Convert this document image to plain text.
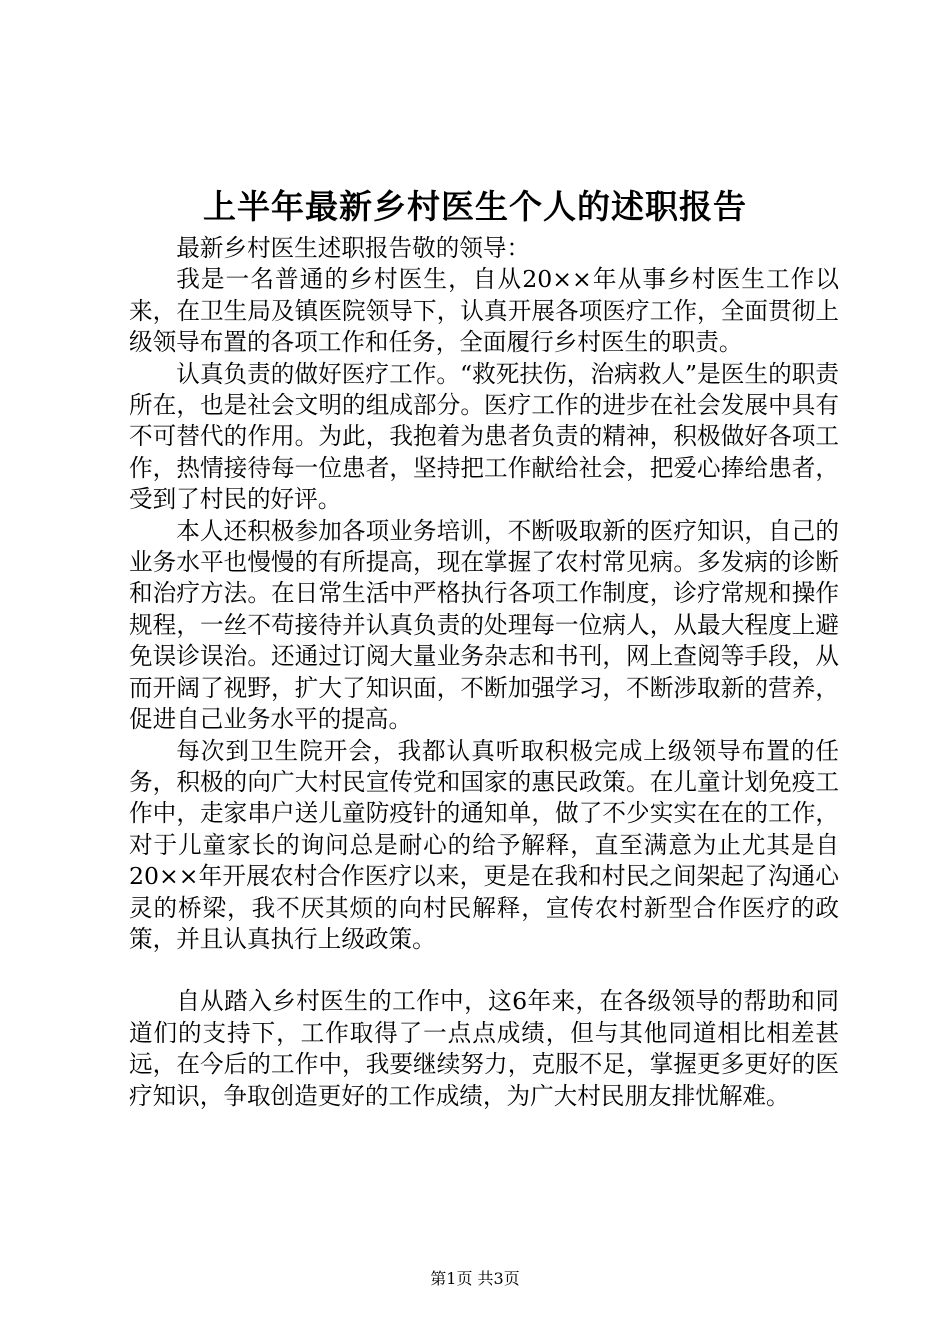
上半年最新乡村医生个人的述职报告

最新乡村医生述职报告敬的领导：

我是一名普通的乡村医生，自从20××年从事乡村医生工作以来，在卫生局及镇医院领导下，认真开展各项医疗工作，全面贯彻上级领导布置的各项工作和任务，全面履行乡村医生的职责。

认真负责的做好医疗工作。“救死扶伤，治病救人”是医生的职责所在，也是社会文明的组成部分。医疗工作的进步在社会发展中具有不可替代的作用。为此，我抱着为患者负责的精神，积极做好各项工作，热情接待每一位患者，坚持把工作献给社会，把爱心捧给患者，受到了村民的好评。

本人还积极参加各项业务培训，不断吸取新的医疗知识，自己的业务水平也慢慢的有所提高，现在掌握了农村常见病。多发病的诊断和治疗方法。在日常生活中严格执行各项工作制度，诊疗常规和操作规程，一丝不苟接待并认真负责的处理每一位病人，从最大程度上避免误诊误治。还通过订阅大量业务杂志和书刊，网上查阅等手段，从而开阔了视野，扩大了知识面，不断加强学习，不断涉取新的营养，促进自己业务水平的提高。

每次到卫生院开会，我都认真听取积极完成上级领导布置的任务，积极的向广大村民宣传党和国家的惠民政策。在儿童计划免疫工作中，走家串户送儿童防疫针的通知单，做了不少实实在在的工作，对于儿童家长的询问总是耐心的给予解释，直至满意为止尤其是自20××年开展农村合作医疗以来，更是在我和村民之间架起了沟通心灵的桥梁，我不厌其烦的向村民解释，宣传农村新型合作医疗的政策，并且认真执行上级政策。

自从踏入乡村医生的工作中，这6年来，在各级领导的帮助和同道们的支持下，工作取得了一点点成绩，但与其他同道相比相差甚远，在今后的工作中，我要继续努力，克服不足，掌握更多更好的医疗知识，争取创造更好的工作成绩，为广大村民朋友排忧解难。

第1页 共3页
